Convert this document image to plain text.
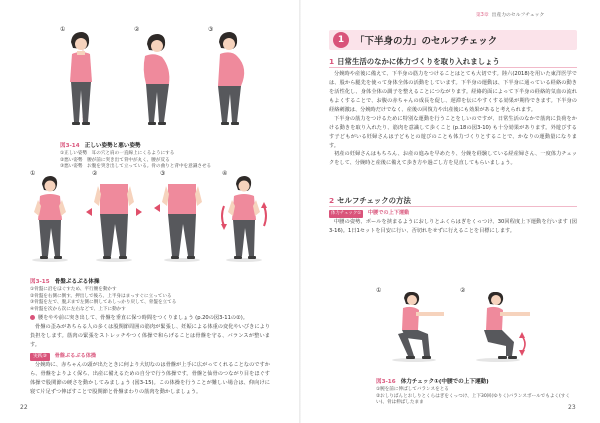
①	②	③
図3-14 正しい姿勢と悪い姿勢
①正しい姿勢　耳の穴と肩の一直線上にくるようにする
②悪い姿勢　腰が前に突き出て背中が丸く、腰が反る
③悪い姿勢　お腹を突き出して立っている。骨の曲りと背中を意識させる
①	②	③	④
図3-15 骨盤ぷるぷる体操
①骨盤に沿をほぐすため、平行腰を動かす
②骨盤を右側に倒す。押出しで後ろ、上半身はまっすぐに立っている
③骨盤を左で、腹ぶまで左側に倒してあしっかり戻して、骨盤を立てる
④骨盤を次から次に左右などで、上下に動かす
腰をやや前に突き出して、骨盤を垂直に保つ時間をつくりましょう (p.20の図3-11の②)。
骨盤の歪みがあちらる人の多くは股関節周囲の筋肉が緊張し、妊娠による体重の変化やいびきにより負担をします。筋肉の緊張をストレッチやつく体操で和らげることは骨盤を守る、バランスが整います。
実践③ 骨盤ぷるぷる体操
分娩時に、赤ちゃんの頭が出たときに何より大切なのは骨盤が上手に広がってくれることなのですから、骨盤をよりよく保ち、出産に備えるための自分で行う体操です。骨盤と仙骨のつながり目をほぐす体操で股関節の硬さを動かしてみましょう (図3-15)。この体操を行うことが難しい場合は、仰向けに寝て片足ずつ伸ばすことで股関節と骨盤まわりの筋肉を動かしましょう。
22
第3章 出産力のセルフチェック
1	「下半身の力」のセルフチェック
1 日常生活のなかに体力づくりを取り入れましょう
分娩時や産後に備えて、下半身の筋力をつけることはとても大切です。陸六(2018)を用いた東洋医学では、股から腿先を使って身体全体の活動をしています。下半身の運動は、下半身に通っている経絡の動きを活性化し、身体全体の調子を整えることにつながります。経絡的面によって下半身の経絡的気血の流れもよくすることで、お腹の赤ちゃんの成長を促し、遅滞を伝にやすくする効果が期待できます。下半身の経絡刺激は、分娩時だけでなく、産後の回復力や出産後にも効果があると考えられます。
下半身の筋力をつけるために特別な運動を行うことをしいのですが、日常生活のなかで筋肉に負荷をかける動きを取り入れたり、筋肉を意識して歩くこと (p.18の図3-10) も十分効果があります。外遊びするす子どもがいる妊婦さんは子どもとの遊びのことも体力づくりとすることで、かなりの運動量になります。
初産の妊婦さんはもちろん、お産の進みを早めたり、分娩を経験している経産婦さん、一度体力チェックをして、分娩時と産後に備えて歩き方や過ごし方を見直してもらいましょう。
2 セルフチェックの方法
体力チェック① 中腰での上下運動
中腰の姿勢、ボールを挟まるようにおしりとふくらはぎをくっつけ、30回程度上下運動を行います (図3-16)。1日1セットを目安に行い、否切れをせずに行えることを目標にします。
①	②
図3-16 体力チェック①(中腰での上下運動)
①腕を前に伸ばしてバランスをとる
②おしりばんとおしりとくらはぎをくっつけ、上下30回(ゆりく)バランスボールでもよく(すくい)、骨は伸ばしたまま
23
